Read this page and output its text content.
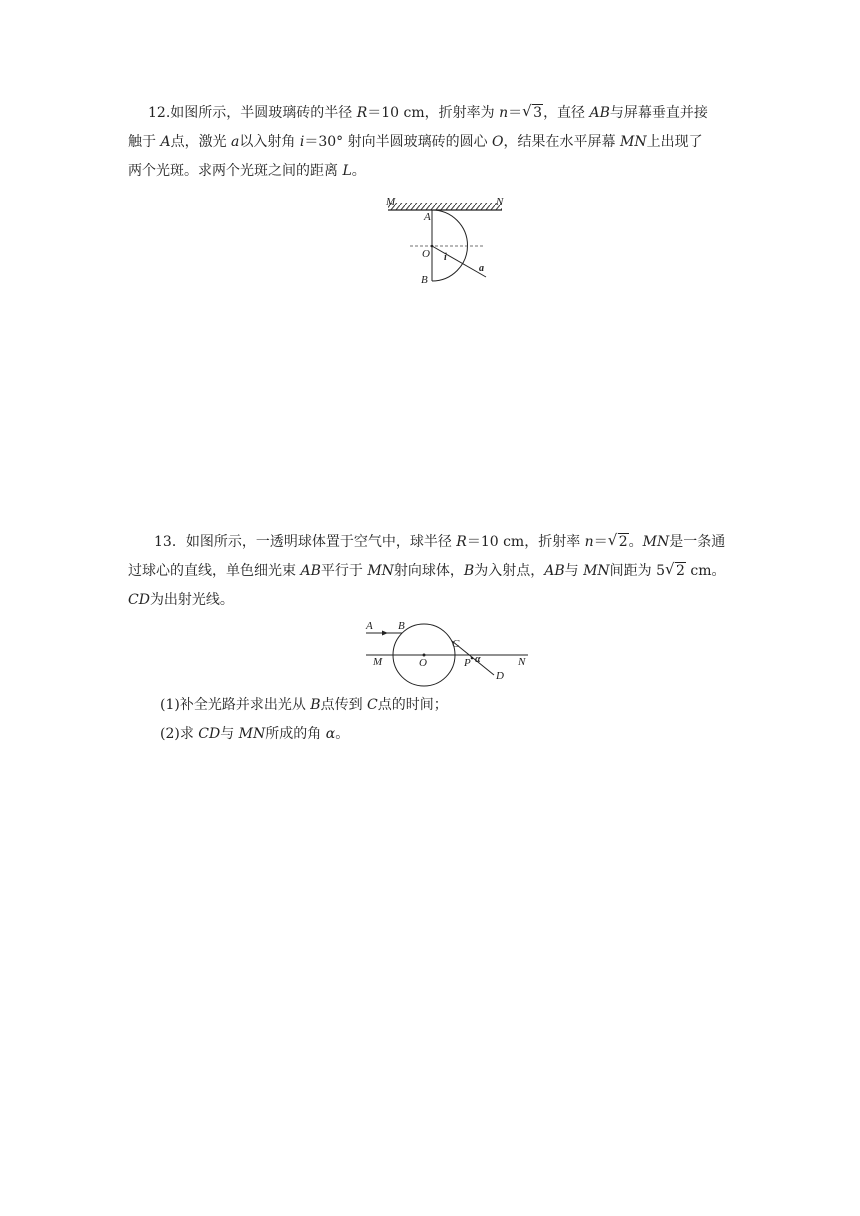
12.如图所示，半圆玻璃砖的半径 R＝10 cm，折射率为 n＝ √ 3，直径 AB与屏幕垂直并接
触于 A点，激光 a以入射角 i＝30° 射向半圆玻璃砖的圆心 O，结果在水平屏幕 MN上出现了
两个光斑。求两个光斑之间的距离 L。
M	N
A
O
B
i
a
13．如图所示，一透明球体置于空气中，球半径 R＝10 cm，折射率 n＝ √ 2。MN是一条通
过球心的直线，单色细光束 AB平行于 MN射向球体，B为入射点，AB与 MN间距为 5 √ 2 cm。
CD为出射光线。
A B
C
M	O	P α	N
D
(1)补全光路并求出光从 B点传到 C点的时间；
(2)求 CD与 MN所成的角 α。
